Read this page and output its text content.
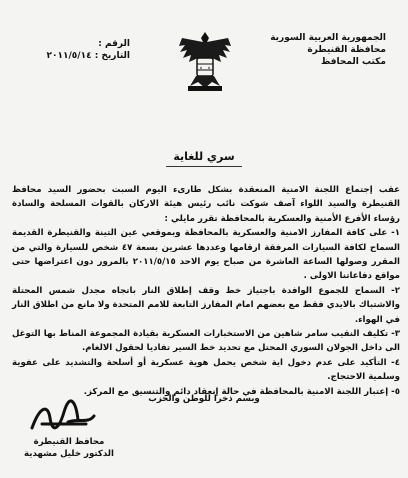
الجمهورية العربية السورية
محافظة القنيطرة
مكتب المحافظ
الرقم :
التاريخ : ٢٠١١/٥/١٤
سري للغاية

عقب إجتماع اللجنة الامنية المنعقدة بشكل طارىء اليوم السبت بحضور السيد محافظ القنيطرة والسيد اللواء آصف شوكت نائب رئيس هيئة الاركان بالقوات المسلحة والسادة رؤساء الأفرع الأمنية والعسكرية بالمحافظة تقرر مايلي :

١- على كافة المفارز الامنية والعسكرية بالمحافظة وبموقعي عين التينة والقنيطرة القديمة السماح لكافة السيارات المرفقة ارقامها وعددها عشرين بسعة ٤٧ شخص للسيارة والتي من المقرر وصولها الساعة العاشرة من صباح يوم الاحد ٢٠١١/٥/١٥ بالمرور دون اعتراضها حتى مواقع دفاعاتنا الاولى .

٢- السماح للجموع الوافدة باجتياز خط وقف إطلاق النار باتجاه مجدل شمس المحتلة والاشتباك بالايدي فقط مع بعضهم امام المفارز التابعة للامم المتحدة ولا مانع من اطلاق النار في الهواء.

٣- تكليف النقيب سامر شاهين من الاستخبارات العسكرية بقيادة المجموعة المناط بها التوغل الى داخل الجولان السوري المحتل مع تحديد خط السير تفاديا لحقول الالغام.

٤- التأكيد على عدم دخول اية شخص يحمل هوية عسكرية أو أسلحة والتشديد على عفوية وسلمية الاحتجاج.

٥- إعتبار اللجنة الامنية بالمحافظة في حالة إنعقاد دائم والتنسيق مع المركز.

وبسم ذخرا للوطن والحزب
محافظ القنيطرة
الدكتور خليل مشهدية
